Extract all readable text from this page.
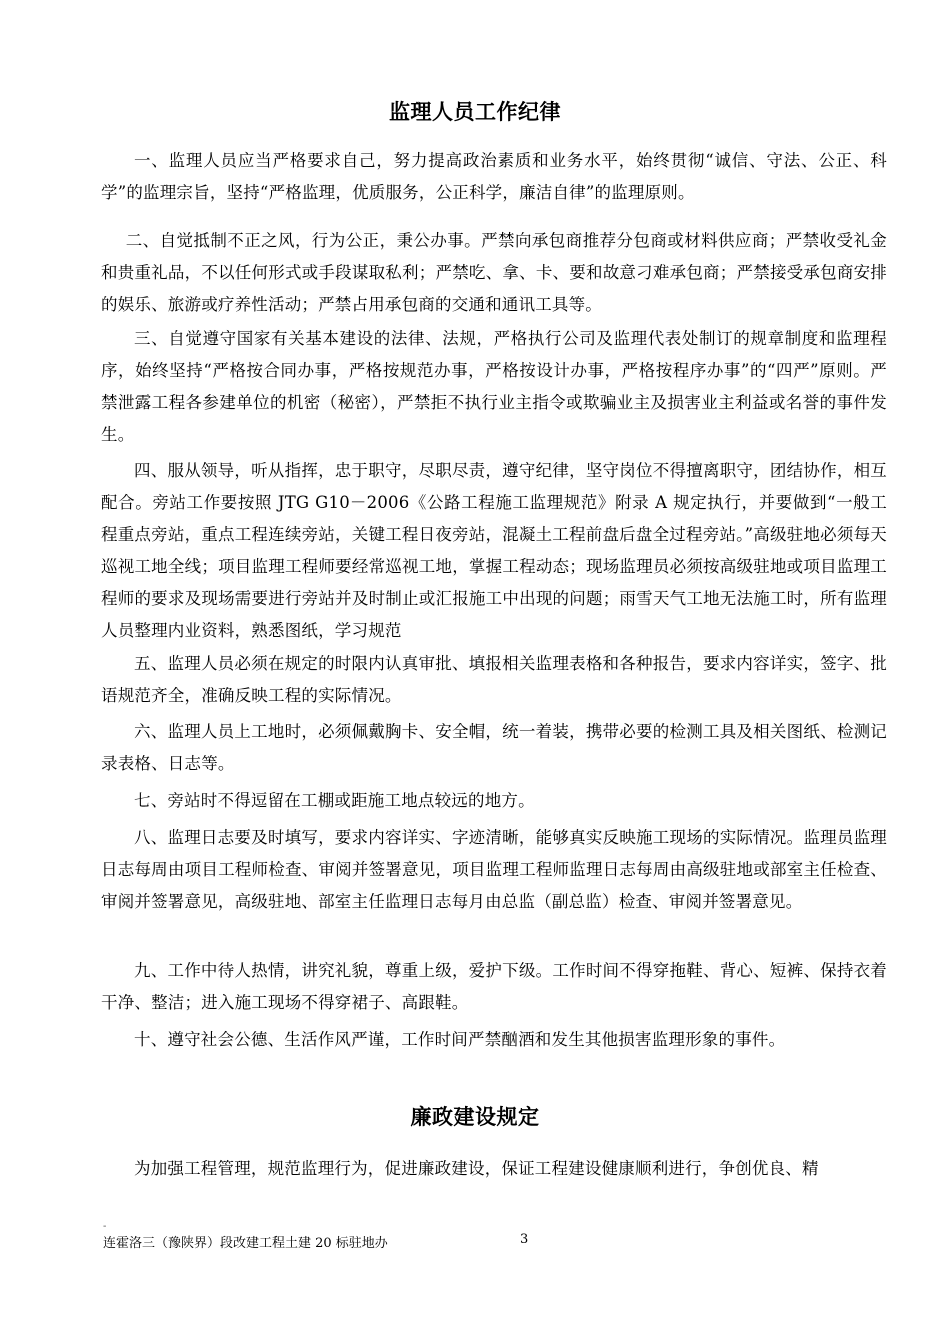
监理人员工作纪律

一、监理人员应当严格要求自己，努力提高政治素质和业务水平，始终贯彻“诚信、守法、公正、科学”的监理宗旨，坚持“严格监理，优质服务，公正科学，廉洁自律”的监理原则。

二、自觉抵制不正之风，行为公正，秉公办事。严禁向承包商推荐分包商或材料供应商；严禁收受礼金和贵重礼品，不以任何形式或手段谋取私利；严禁吃、拿、卡、要和故意刁难承包商；严禁接受承包商安排的娱乐、旅游或疗养性活动；严禁占用承包商的交通和通讯工具等。

三、自觉遵守国家有关基本建设的法律、法规，严格执行公司及监理代表处制订的规章制度和监理程序，始终坚持“严格按合同办事，严格按规范办事，严格按设计办事，严格按程序办事”的“四严”原则。严禁泄露工程各参建单位的机密（秘密），严禁拒不执行业主指令或欺骗业主及损害业主利益或名誉的事件发生。

四、服从领导，听从指挥，忠于职守，尽职尽责，遵守纪律，坚守岗位不得擅离职守，团结协作，相互配合。旁站工作要按照 JTG G10－2006《公路工程施工监理规范》附录 A 规定执行，并要做到“一般工程重点旁站，重点工程连续旁站，关键工程日夜旁站，混凝土工程前盘后盘全过程旁站。”高级驻地必须每天巡视工地全线；项目监理工程师要经常巡视工地，掌握工程动态；现场监理员必须按高级驻地或项目监理工程师的要求及现场需要进行旁站并及时制止或汇报施工中出现的问题；雨雪天气工地无法施工时，所有监理人员整理内业资料，熟悉图纸，学习规范

五、监理人员必须在规定的时限内认真审批、填报相关监理表格和各种报告，要求内容详实，签字、批语规范齐全，准确反映工程的实际情况。

六、监理人员上工地时，必须佩戴胸卡、安全帽，统一着装，携带必要的检测工具及相关图纸、检测记录表格、日志等。

七、旁站时不得逗留在工棚或距施工地点较远的地方。

八、监理日志要及时填写，要求内容详实、字迹清晰，能够真实反映施工现场的实际情况。监理员监理日志每周由项目工程师检查、审阅并签署意见，项目监理工程师监理日志每周由高级驻地或部室主任检查、审阅并签署意见，高级驻地、部室主任监理日志每月由总监（副总监）检查、审阅并签署意见。

九、工作中待人热情，讲究礼貌，尊重上级，爱护下级。工作时间不得穿拖鞋、背心、短裤、保持衣着干净、整洁；进入施工现场不得穿裙子、高跟鞋。

十、遵守社会公德、生活作风严谨，工作时间严禁酗酒和发生其他损害监理形象的事件。

廉政建设规定

为加强工程管理，规范监理行为，促进廉政建设，保证工程建设健康顺利进行，争创优良、精

-
连霍洛三（豫陕界）段改建工程土建 20 标驻地办	3
